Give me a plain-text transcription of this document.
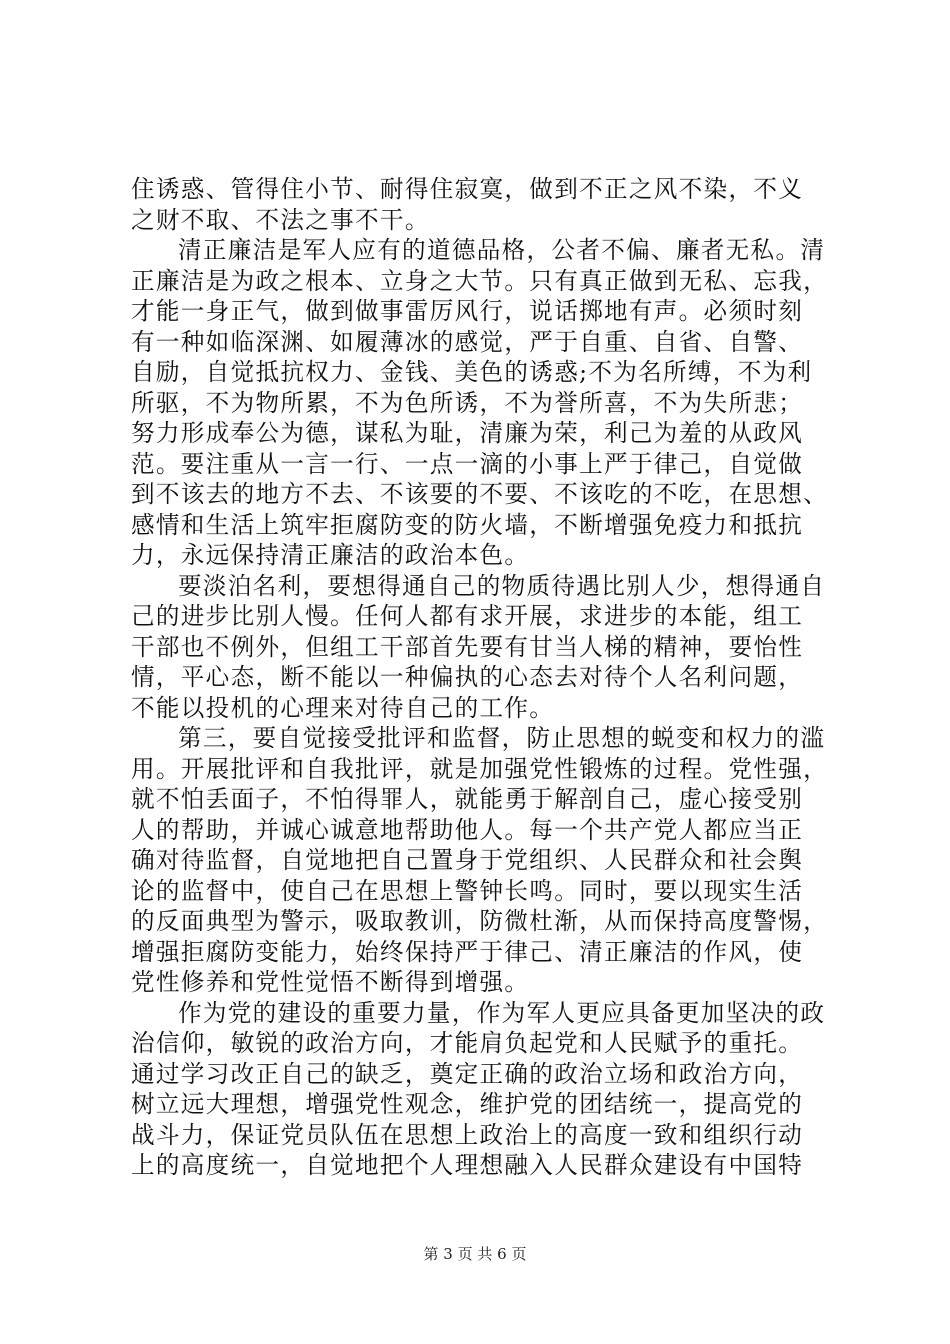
住诱惑、管得住小节、耐得住寂寞，做到不正之风不染，不义
之财不取、不法之事不干。
清正廉洁是军人应有的道德品格，公者不偏、廉者无私。清
正廉洁是为政之根本、立身之大节。只有真正做到无私、忘我，
才能一身正气，做到做事雷厉风行，说话掷地有声。必须时刻
有一种如临深渊、如履薄冰的感觉，严于自重、自省、自警、
自励，自觉抵抗权力、金钱、美色的诱惑;不为名所缚，不为利
所驱，不为物所累，不为色所诱，不为誉所喜，不为失所悲；
努力形成奉公为德，谋私为耻，清廉为荣，利己为羞的从政风
范。要注重从一言一行、一点一滴的小事上严于律己，自觉做
到不该去的地方不去、不该要的不要、不该吃的不吃，在思想、
感情和生活上筑牢拒腐防变的防火墙，不断增强免疫力和抵抗
力，永远保持清正廉洁的政治本色。
要淡泊名利，要想得通自己的物质待遇比别人少，想得通自
己的进步比别人慢。任何人都有求开展，求进步的本能，组工
干部也不例外，但组工干部首先要有甘当人梯的精神，要怡性
情，平心态，断不能以一种偏执的心态去对待个人名利问题，
不能以投机的心理来对待自己的工作。
第三，要自觉接受批评和监督，防止思想的蜕变和权力的滥
用。开展批评和自我批评，就是加强党性锻炼的过程。党性强，
就不怕丢面子，不怕得罪人，就能勇于解剖自己，虚心接受别
人的帮助，并诚心诚意地帮助他人。每一个共产党人都应当正
确对待监督，自觉地把自己置身于党组织、人民群众和社会舆
论的监督中，使自己在思想上警钟长鸣。同时，要以现实生活
的反面典型为警示，吸取教训，防微杜渐，从而保持高度警惕，
增强拒腐防变能力，始终保持严于律己、清正廉洁的作风，使
党性修养和党性觉悟不断得到增强。
作为党的建设的重要力量，作为军人更应具备更加坚决的政
治信仰，敏锐的政治方向，才能肩负起党和人民赋予的重托。
通过学习改正自己的缺乏，奠定正确的政治立场和政治方向，
树立远大理想，增强党性观念，维护党的团结统一，提高党的
战斗力，保证党员队伍在思想上政治上的高度一致和组织行动
上的高度统一，自觉地把个人理想融入人民群众建设有中国特
第 3 页 共 6 页
